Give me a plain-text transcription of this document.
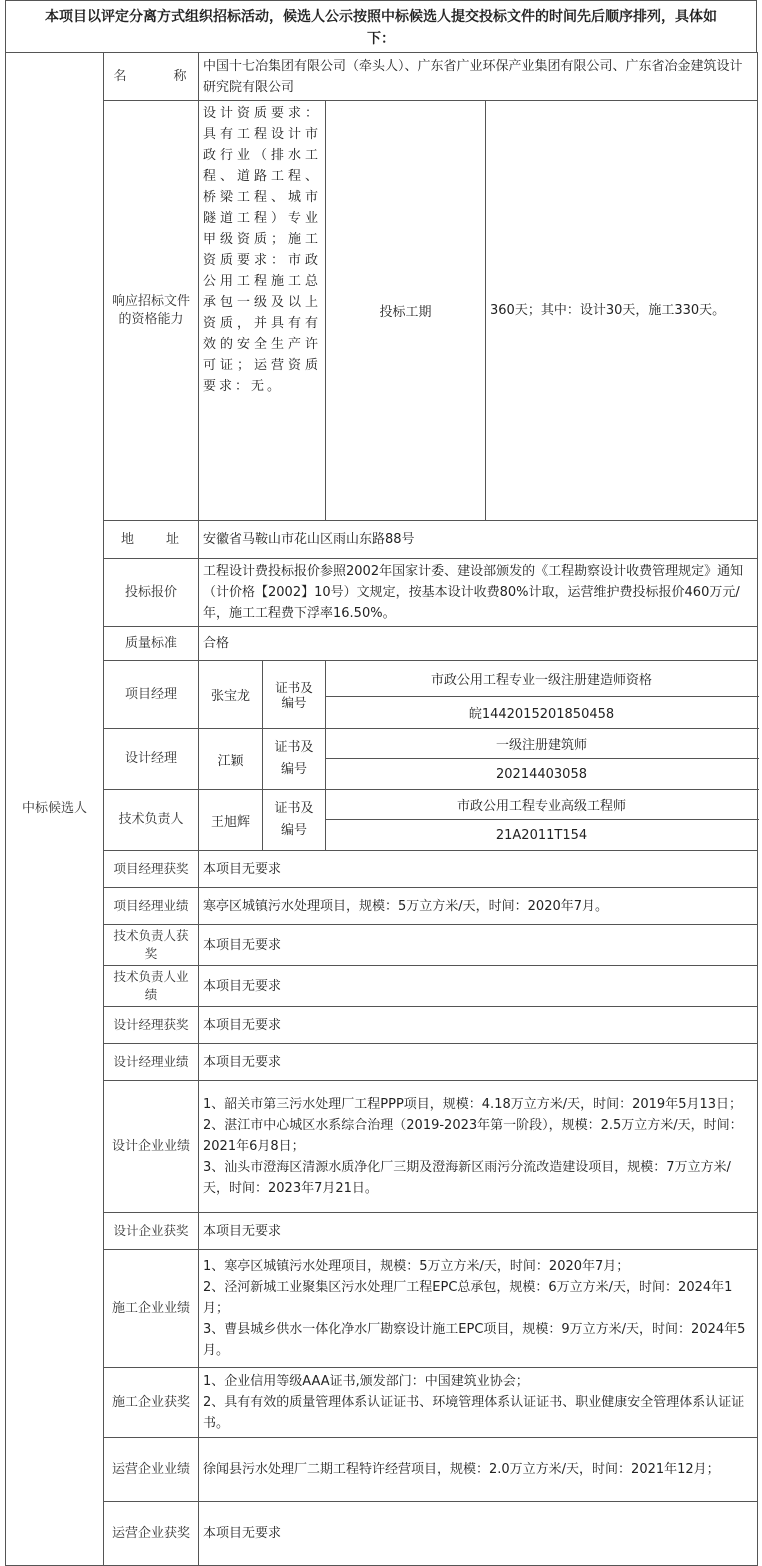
本项目以评定分离方式组织招标活动，候选人公示按照中标候选人提交投标文件的时间先后顺序排列，具体如下：
中标候选人	名　　　称	中国十七冶集团有限公司（牵头人）、广东省广业环保产业集团有限公司、广东省冶金建筑设计研究院有限公司			
	响应招标文件的资格能力	设计资质要求：具有工程设计市政行业（排水工程、道路工程、桥梁工程、城市隧道工程）专业甲级资质；施工资质要求：市政公用工程施工总承包一级及以上资质，并具有有效的安全生产许可证；运营资质要求：无。		投标工期	360天；其中：设计30天，施工330天。
	地　　址	安徽省马鞍山市花山区雨山东路88号			
	投标报价	工程设计费投标报价参照2002年国家计委、建设部颁发的《工程勘察设计收费管理规定》通知（计价格【2002】10号）文规定，按基本设计收费80%计取，运营维护费投标报价460万元/年，施工工程费下浮率16.50%。			
	质量标准	合格			
	项目经理	张宝龙	证书及编号	市政公用工程专业一级注册建造师资格	
				皖1442015201850458	
	设计经理	江颖	证书及编号	一级注册建筑师	
				20214403058	
	技术负责人	王旭辉	证书及编号	市政公用工程专业高级工程师	
				21A2011T154	
	项目经理获奖	本项目无要求			
	项目经理业绩	寒亭区城镇污水处理项目，规模：5万立方米/天，时间：2020年7月。			
	技术负责人获奖	本项目无要求			
	技术负责人业绩	本项目无要求			
	设计经理获奖	本项目无要求			
	设计经理业绩	本项目无要求			
	设计企业业绩	1、韶关市第三污水处理厂工程PPP项目，规模：4.18万立方米/天，时间：2019年5月13日；
2、湛江市中心城区水系综合治理（2019-2023年第一阶段），规模：2.5万立方米/天，时间：2021年6月8日；
3、汕头市澄海区清源水质净化厂三期及澄海新区雨污分流改造建设项目，规模：7万立方米/天，时间：2023年7月21日。			

	设计企业获奖	本项目无要求			
	施工企业业绩	1、寒亭区城镇污水处理项目，规模：5万立方米/天，时间：2020年7月；
2、泾河新城工业聚集区污水处理厂工程EPC总承包，规模：6万立方米/天，时间：2024年1月；
3、曹县城乡供水一体化净水厂勘察设计施工EPC项目，规模：9万立方米/天，时间：2024年5月。			

	施工企业获奖	1、企业信用等级AAA证书,颁发部门：中国建筑业协会；
2、具有有效的质量管理体系认证证书、环境管理体系认证证书、职业健康安全管理体系认证证书。			

	运营企业业绩	徐闻县污水处理厂二期工程特许经营项目，规模：2.0万立方米/天，时间：2021年12月；			
	运营企业获奖	本项目无要求			
